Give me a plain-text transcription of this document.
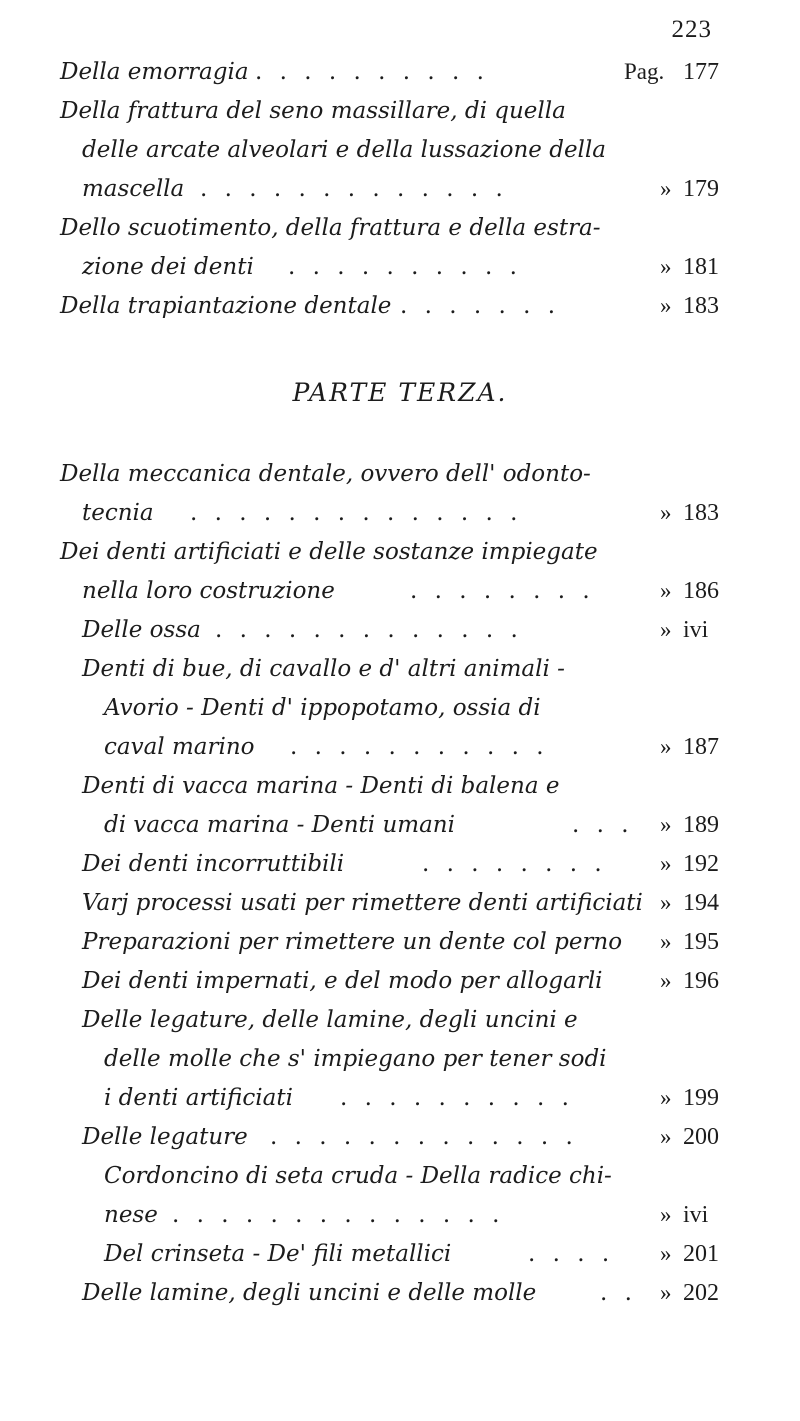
223
Della emorragia . . . . . . . . . .	Pag. 177
Della frattura del seno massillare, di quella
delle arcate alveolari e della lussazione della
mascella . . . . . . . . . . . . .	» 179
Dello scuotimento, della frattura e della estra-
zione dei denti . . . . . . . . . .	» 181
Della trapiantazione dentale . . . . . . .	» 183
PARTE TERZA.
Della meccanica dentale, ovvero dell' odonto-
tecnia . . . . . . . . . . . . . .	» 183
Dei denti artificiati e delle sostanze impiegate
nella loro costruzione	. . . . . . . .	» 186
Delle ossa . . . . . . . . . . . . .	» ivi
Denti di bue, di cavallo e d' altri animali -
Avorio - Denti d' ippopotamo, ossia di
caval marino . . . . . . . . . . .	» 187
Denti di vacca marina - Denti di balena e
di vacca marina - Denti umani	. . . » 189
Dei denti incorruttibili	. . . . . . . . » 192
Varj processi usati per rimettere denti artificiati » 194
Preparazioni per rimettere un dente col perno » 195
Dei denti impernati, e del modo per allogarli » 196
Delle legature, delle lamine, degli uncini e
delle molle che s' impiegano per tener sodi
i denti artificiati . . . . . . . . . .	» 199
Delle legature . . . . . . . . . . . . .	» 200
Cordoncino di seta cruda - Della radice chi-
nese . . . . . . . . . . . . . .	» ivi
Del crinseta - De' fili metallici	. . . . » 201
Delle lamine, degli uncini e delle molle	. . » 202
